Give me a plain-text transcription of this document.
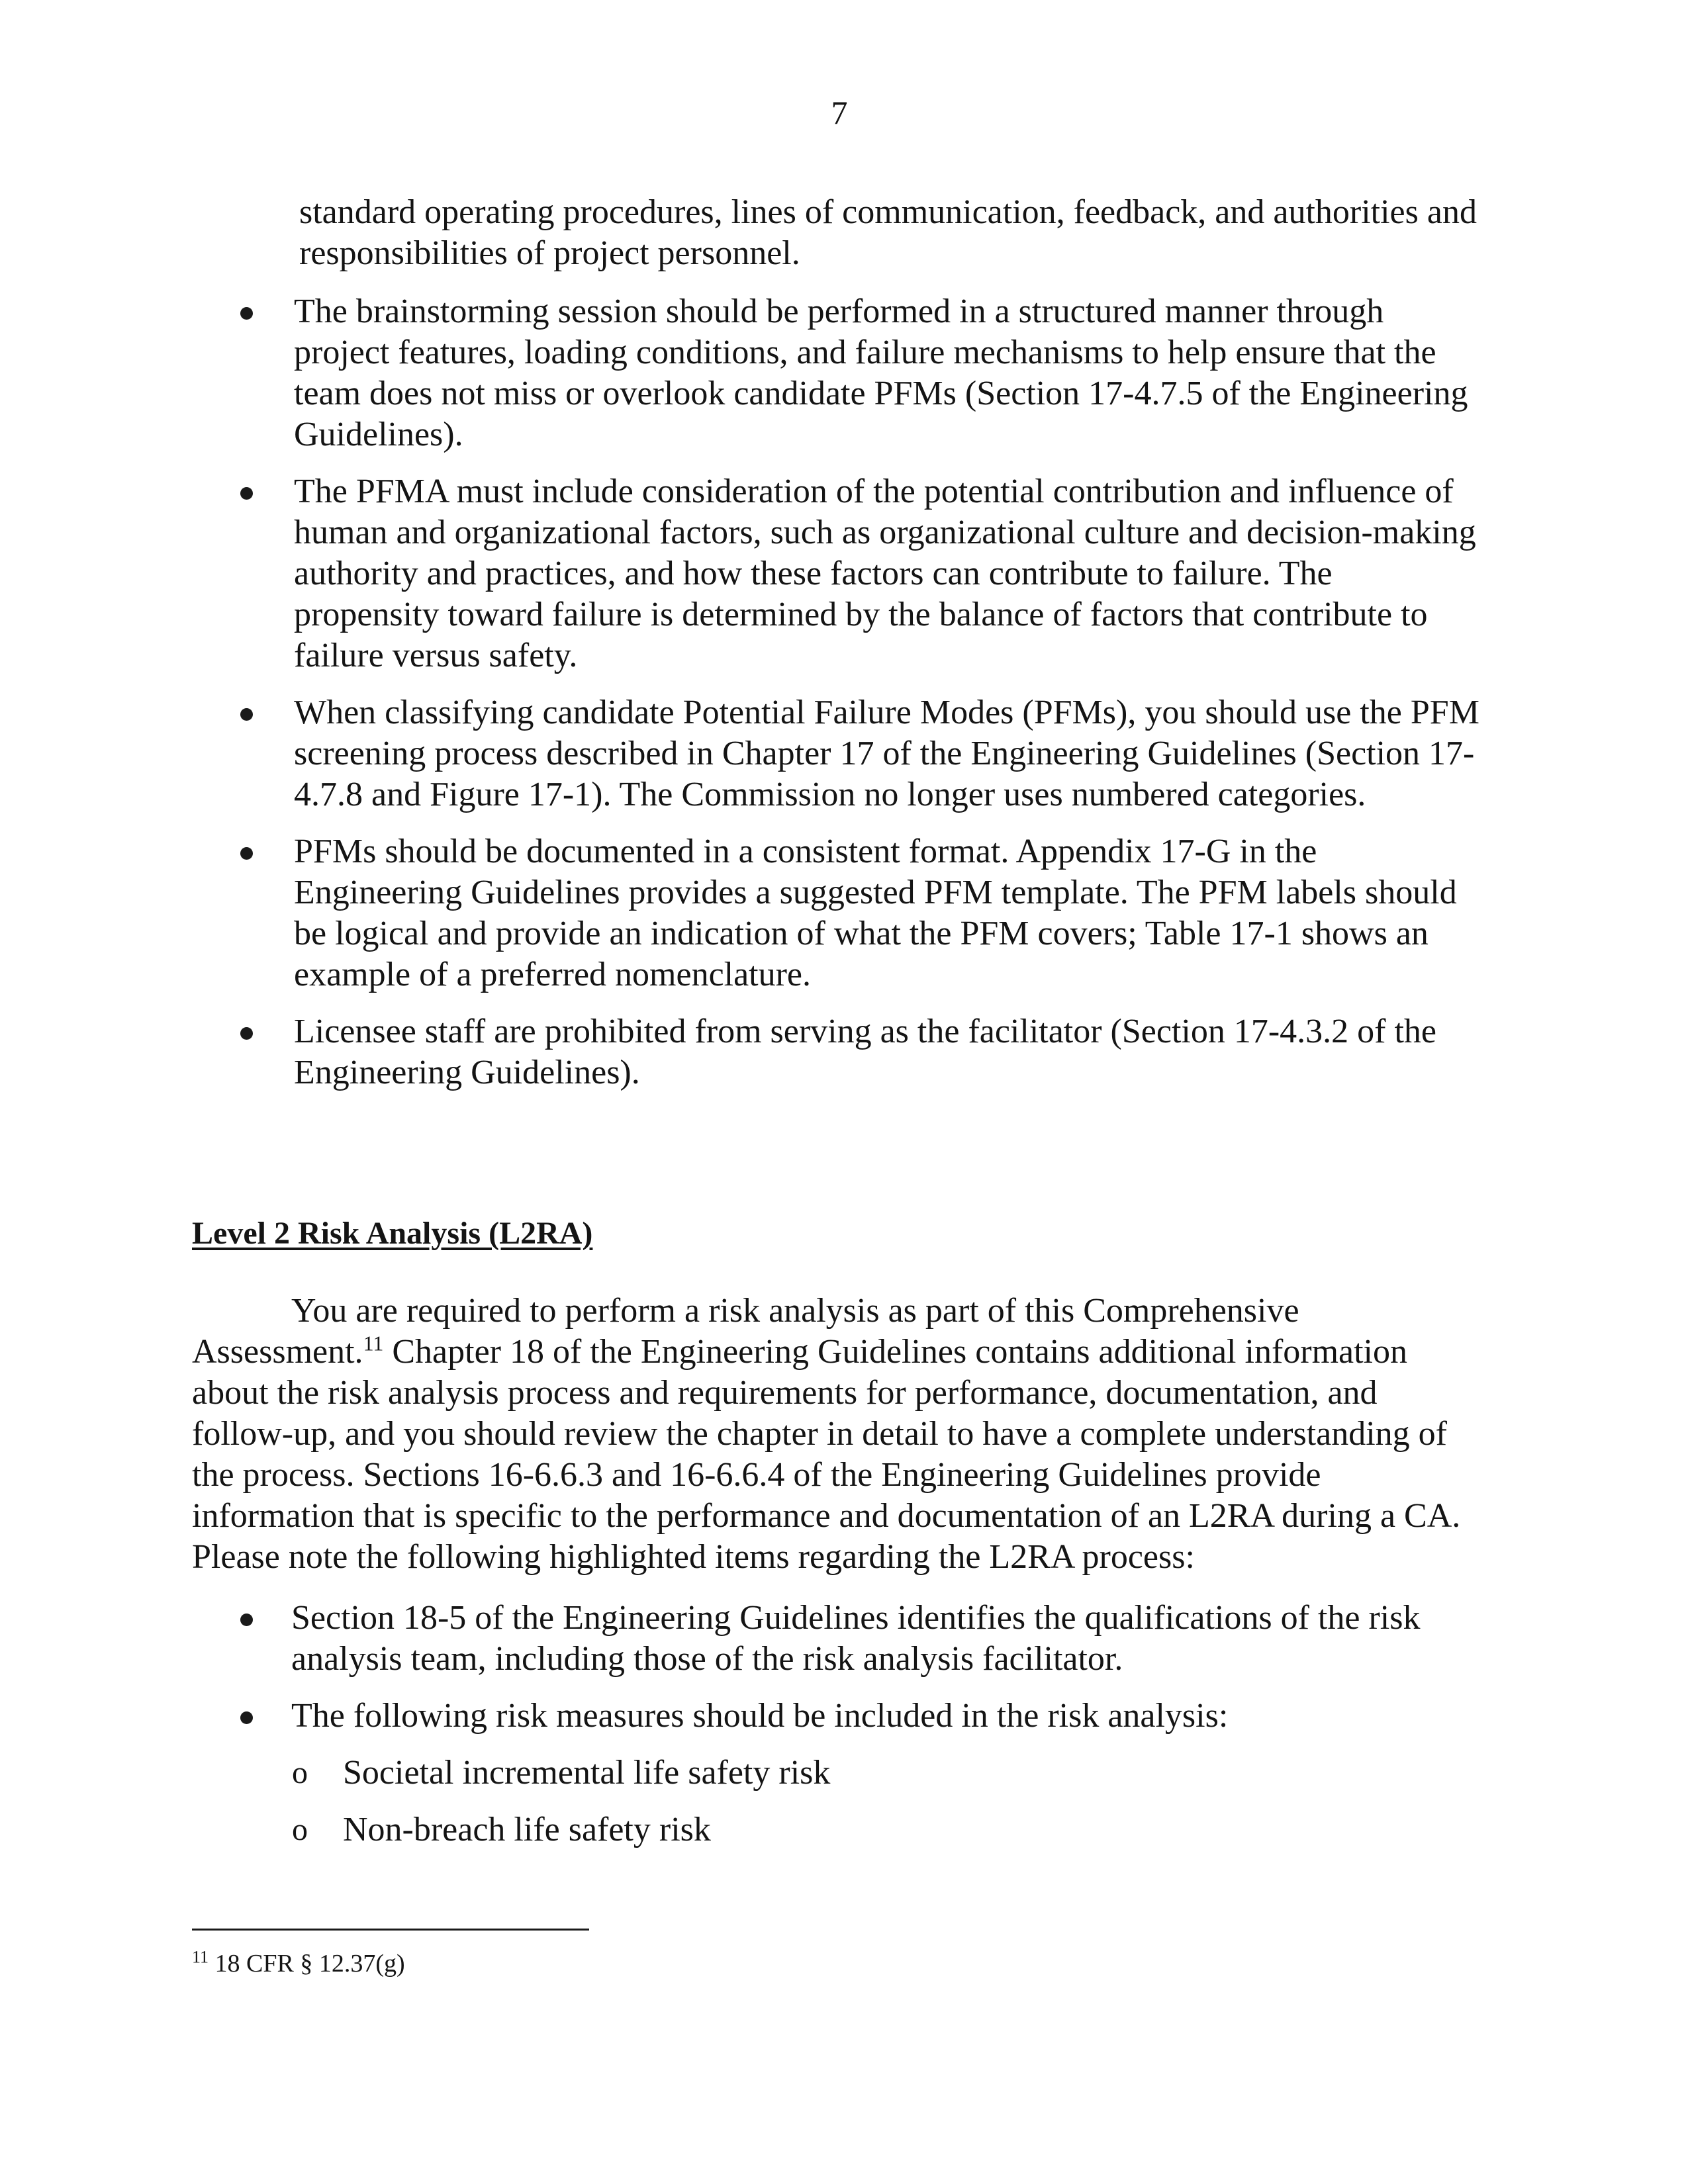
7
standard operating procedures, lines of communication, feedback, and authorities and responsibilities of project personnel.
The brainstorming session should be performed in a structured manner through project features, loading conditions, and failure mechanisms to help ensure that the team does not miss or overlook candidate PFMs (Section 17-4.7.5 of the Engineering Guidelines).
The PFMA must include consideration of the potential contribution and influence of human and organizational factors, such as organizational culture and decision-making authority and practices, and how these factors can contribute to failure. The propensity toward failure is determined by the balance of factors that contribute to failure versus safety.
When classifying candidate Potential Failure Modes (PFMs), you should use the PFM screening process described in Chapter 17 of the Engineering Guidelines (Section 17-4.7.8 and Figure 17-1). The Commission no longer uses numbered categories.
PFMs should be documented in a consistent format. Appendix 17-G in the Engineering Guidelines provides a suggested PFM template. The PFM labels should be logical and provide an indication of what the PFM covers; Table 17-1 shows an example of a preferred nomenclature.
Licensee staff are prohibited from serving as the facilitator (Section 17-4.3.2 of the Engineering Guidelines).
Level 2 Risk Analysis (L2RA)
You are required to perform a risk analysis as part of this Comprehensive Assessment.$^{11}$ Chapter 18 of the Engineering Guidelines contains additional information about the risk analysis process and requirements for performance, documentation, and follow-up, and you should review the chapter in detail to have a complete understanding of the process. Sections 16-6.6.3 and 16-6.6.4 of the Engineering Guidelines provide information that is specific to the performance and documentation of an L2RA during a CA. Please note the following highlighted items regarding the L2RA process:
Section 18-5 of the Engineering Guidelines identifies the qualifications of the risk analysis team, including those of the risk analysis facilitator.
The following risk measures should be included in the risk analysis:
o Societal incremental life safety risk
o Non-breach life safety risk
$^{11}$ 18 CFR § 12.37(g)
